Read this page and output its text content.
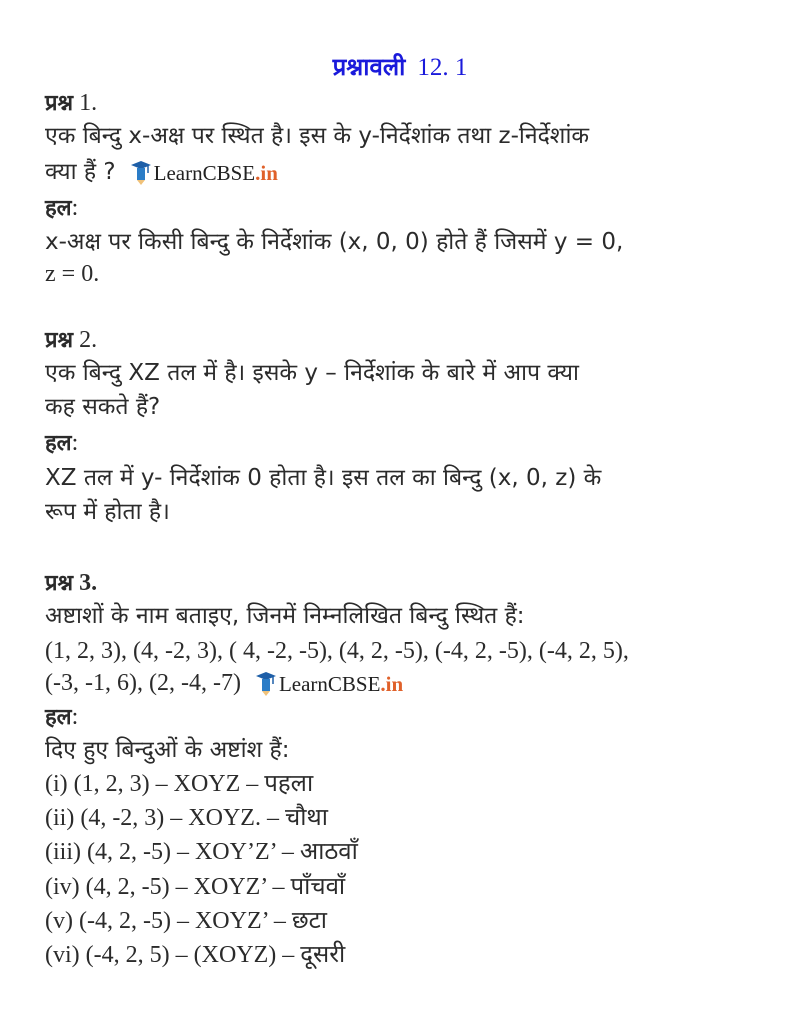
प्रश्नावली 12. 1
प्रश्न 1.
एक बिन्दु x-अक्ष पर स्थित है। इस के y-निर्देशांक तथा z-निर्देशांक
क्या हैं ? LearnCBSE .in
हल:
x-अक्ष पर किसी बिन्दु के निर्देशांक (x, 0, 0) होते हैं जिसमें y = 0,
z = 0.
प्रश्न 2.
एक बिन्दु XZ तल में है। इसके y – निर्देशांक के बारे में आप क्या
कह सकते हैं?
हल:
XZ तल में y- निर्देशांक 0 होता है। इस तल का बिन्दु (x, 0, z) के
रूप में होता है।
प्रश्न 3.
अष्टाशों के नाम बताइए, जिनमें निम्नलिखित बिन्दु स्थित हैं:
(1, 2, 3), (4, -2, 3), ( 4, -2, -5), (4, 2, -5), (-4, 2, -5), (-4, 2, 5),
(-3, -1, 6), (2, -4, -7) LearnCBSE .in
हल:
दिए हुए बिन्दुओं के अष्टांश हैं:
(i) (1, 2, 3) – XOYZ – पहला
(ii) (4, -2, 3) – XOYZ. – चौथा
(iii) (4, 2, -5) – XOY’Z’ – आठवाँ
(iv) (4, 2, -5) – XOYZ’ – पाँचवाँ
(v) (-4, 2, -5) – XOYZ’ – छटा
(vi) (-4, 2, 5) – (XOYZ) – दूसरी
